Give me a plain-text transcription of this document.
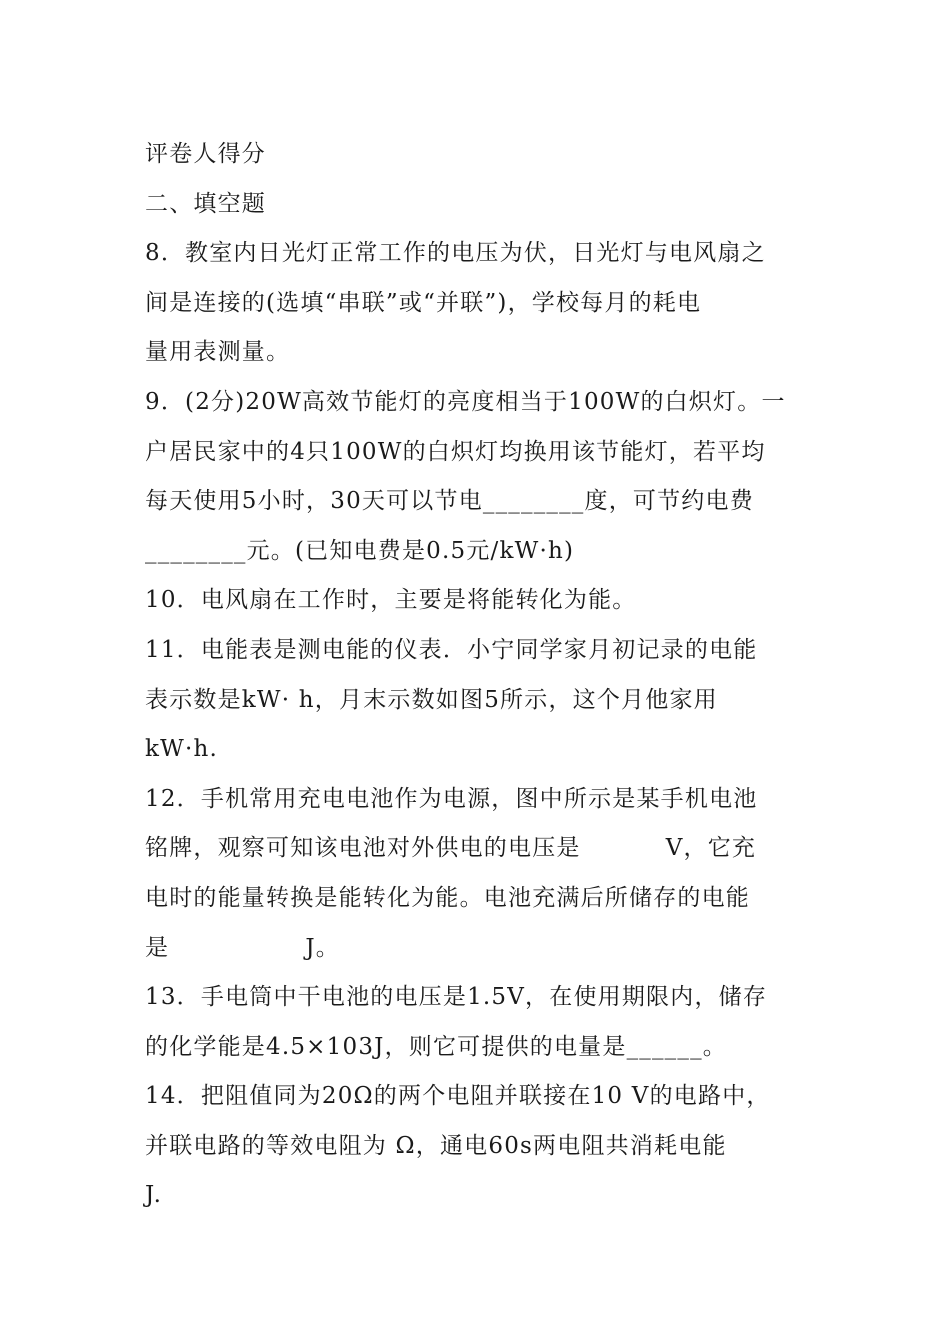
评卷人得分
二、填空题
8．教室内日光灯正常工作的电压为伏，日光灯与电风扇之
间是连接的(选填“串联”或“并联”)，学校每月的耗电
量用表测量。
9．(2分)20W高效节能灯的亮度相当于100W的白炽灯。一
户居民家中的4只100W的白炽灯均换用该节能灯，若平均
每天使用5小时，30天可以节电________度，可节约电费
________元。(已知电费是0.5元/kW·h)
10．电风扇在工作时，主要是将能转化为能。
11．电能表是测电能的仪表．小宁同学家月初记录的电能
表示数是kW· h，月末示数如图5所示，这个月他家用
kW·h.
12．手机常用充电电池作为电源，图中所示是某手机电池
铭牌，观察可知该电池对外供电的电压是          V，它充
电时的能量转换是能转化为能。电池充满后所储存的电能
是                J。
13．手电筒中干电池的电压是1.5V，在使用期限内，储存
的化学能是4.5×103J，则它可提供的电量是______。
14．把阻值同为20Ω的两个电阻并联接在10 V的电路中，
并联电路的等效电阻为 Ω，通电60s两电阻共消耗电能
J.
